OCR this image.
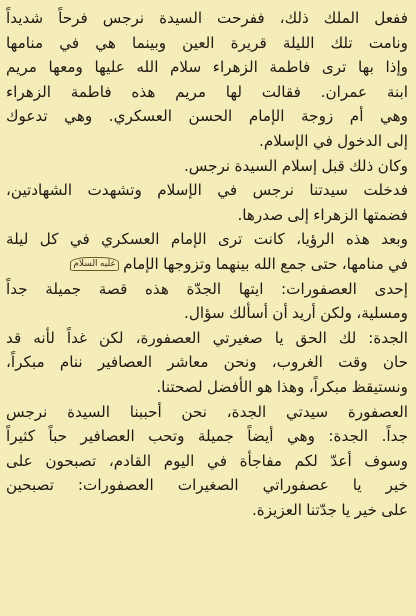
ففعل الملك ذلك، ففرحت السيدة نرجس فرحاً شديداً
ونامت تلك الليلة قريرة العين وبينما هي في منامها
وإذا بها ترى فاطمة الزهراء سلام الله عليها ومعها مريم
ابنة عمران. فقالت لها مريم هذه فاطمة الزهراء
وهي أم زوجة الإمام الحسن العسكري. وهي تدعوك
إلى الدخول في الإسلام.

وكان ذلك قبل إسلام السيدة نرجس.

فدخلت سيدتنا نرجس في الإسلام وتشهدت الشهادتين،
فضمتها الزهراء إلى صدرها.

وبعد هذه الرؤيا، كانت ترى الإمام العسكري في كل ليلة
في منامها، حتى جمع الله بينهما وتزوجها الإمام عليه السلام

إحدى العصفورات: ايتها الجدّة هذه قصة جميلة جداً
ومسلية، ولكن أريد أن أسألك سؤال.

الجدة: لك الحق يا صغيرتي العصفورة، لكن غداً لأنه قد
حان وقت الغروب، ونحن معاشر العصافير ننام مبكراً،
ونستيقظ مبكراً، وهذا هو الأفضل لصحتنا.

العصفورة سيدتي الجدة، نحن أحببنا السيدة نرجس
جداً. الجدة: وهي أيضاً جميلة وتحب العصافير حباً كثيراً
وسوف أعدّ لكم مفاجأة في اليوم القادم، تصبحون على
خير يا عصفوراتي الصغيرات العصفورات: تصبحين
على خير يا جدّتنا العزيزة.
